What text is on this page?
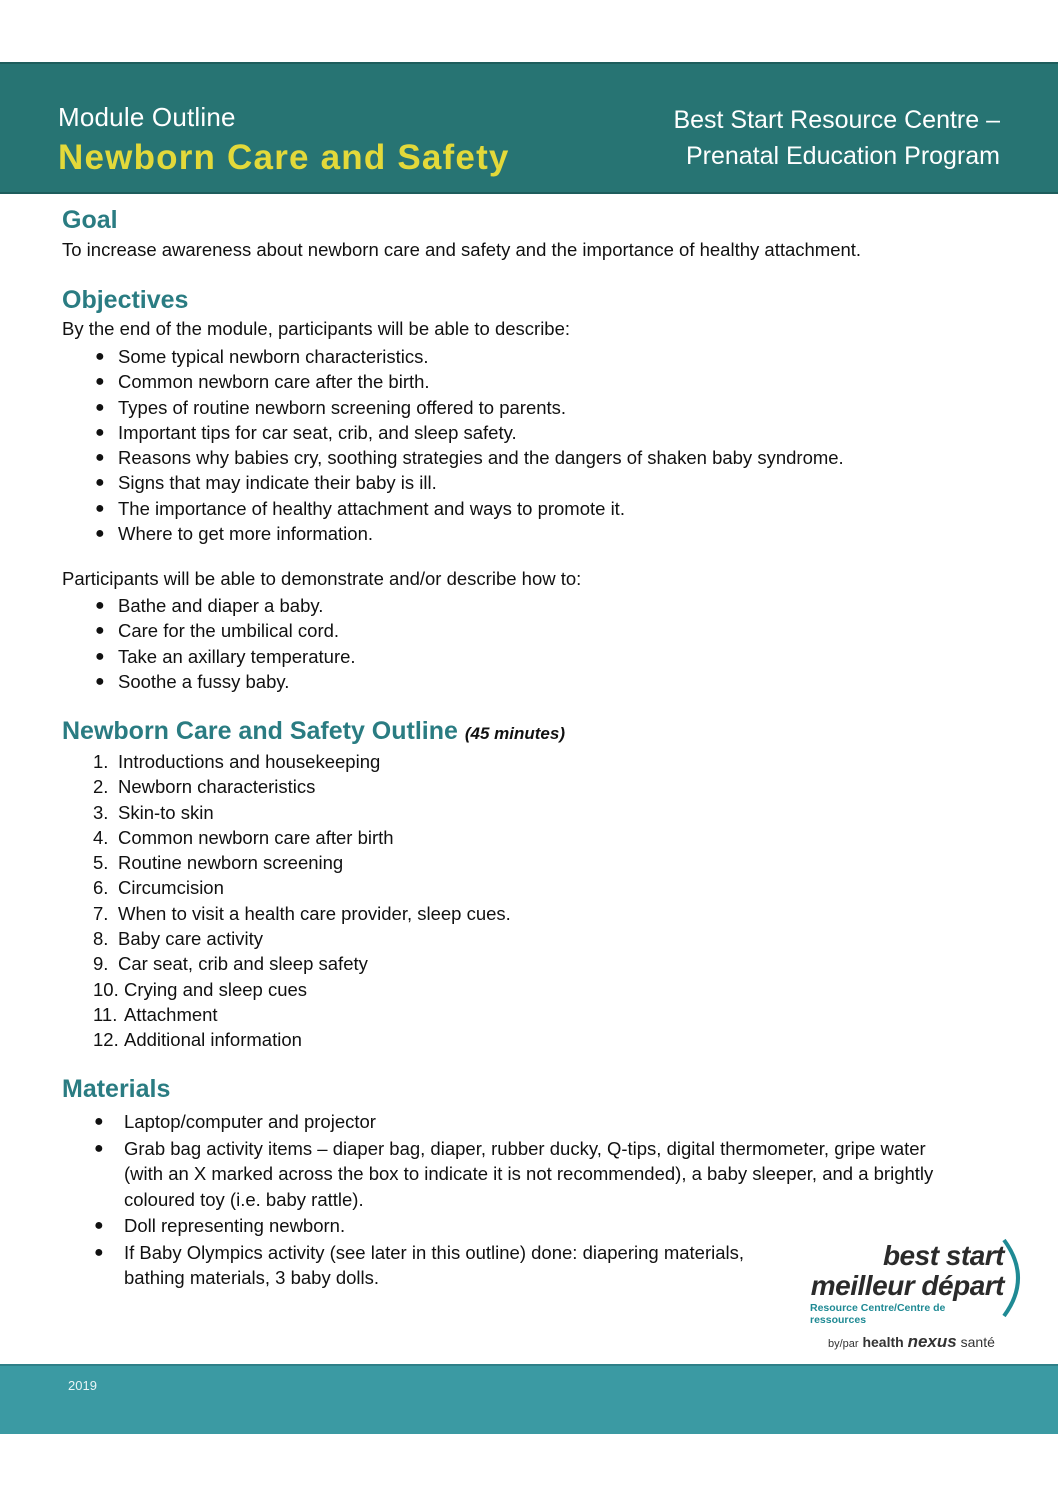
Module Outline
Newborn Care and Safety
Best Start Resource Centre –
Prenatal Education Program
Goal

To increase awareness about newborn care and safety and the importance of healthy attachment.

Objectives

By the end of the module, participants will be able to describe:

● Some typical newborn characteristics.
● Common newborn care after the birth.
● Types of routine newborn screening offered to parents.
● Important tips for car seat, crib, and sleep safety.
● Reasons why babies cry, soothing strategies and the dangers of shaken baby syndrome.
● Signs that may indicate their baby is ill.
● The importance of healthy attachment and ways to promote it.
● Where to get more information.

Participants will be able to demonstrate and/or describe how to:

● Bathe and diaper a baby.
● Care for the umbilical cord.
● Take an axillary temperature.
● Soothe a fussy baby.
Newborn Care and Safety Outline (45 minutes)
1. Introductions and housekeeping
2. Newborn characteristics
3. Skin-to skin
4. Common newborn care after birth
5. Routine newborn screening
6. Circumcision
7. When to visit a health care provider, sleep cues.
8. Baby care activity
9. Car seat, crib and sleep safety
10. Crying and sleep cues
11. Attachment
12. Additional information
Materials
● Laptop/computer and projector
● Grab bag activity items – diaper bag, diaper, rubber ducky, Q-tips, digital thermometer, gripe water (with an X marked across the box to indicate it is not recommended), a baby sleeper, and a brightly coloured toy (i.e. baby rattle).
● Doll representing newborn.
● If Baby Olympics activity (see later in this outline) done: diapering materials, bathing materials, 3 baby dolls.
best start
meilleur départ
Resource Centre/Centre de ressources
by/par health nexus santé
2019
